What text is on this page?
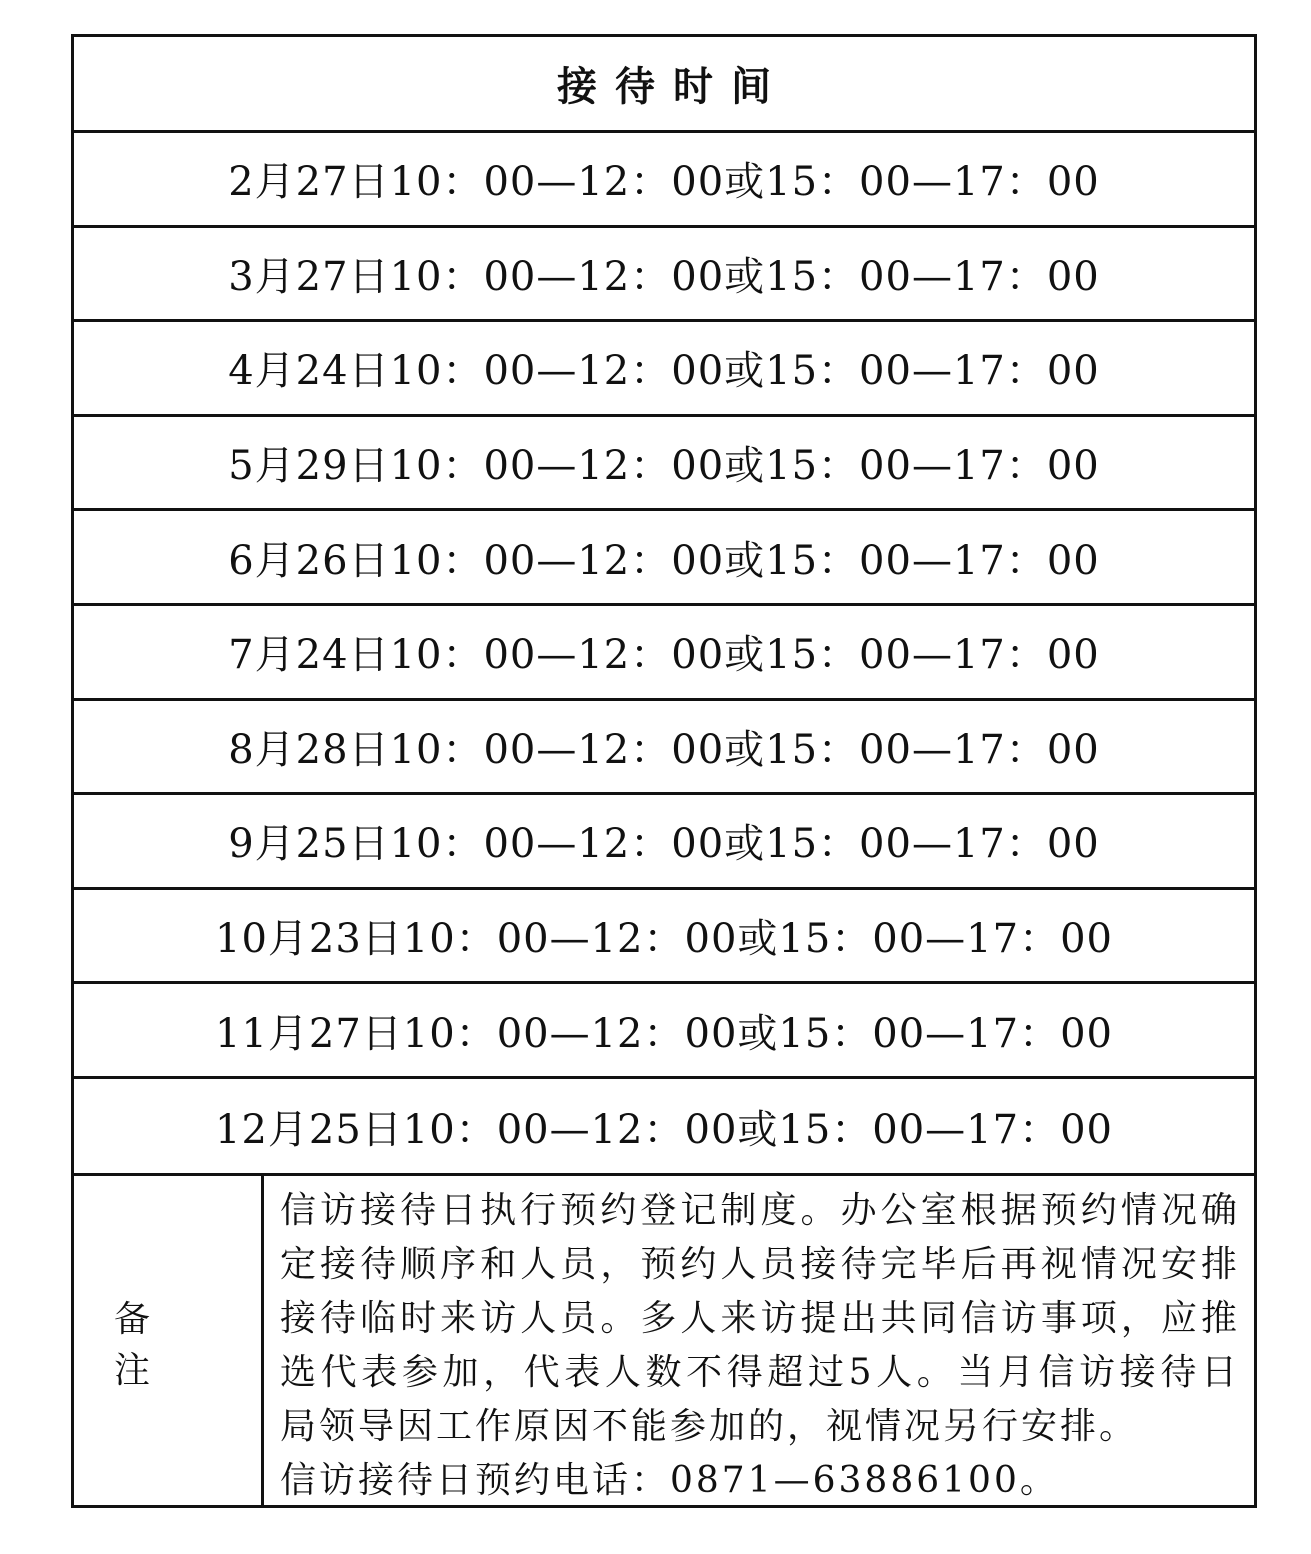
接待时间
2月27日10：00—12：00或15：00—17：00
3月27日10：00—12：00或15：00—17：00
4月24日10：00—12：00或15：00—17：00
5月29日10：00—12：00或15：00—17：00
6月26日10：00—12：00或15：00—17：00
7月24日10：00—12：00或15：00—17：00
8月28日10：00—12：00或15：00—17：00
9月25日10：00—12：00或15：00—17：00
10月23日10：00—12：00或15：00—17：00
11月27日10：00—12：00或15：00—17：00
12月25日10：00—12：00或15：00—17：00
备注

信访接待日执行预约登记制度。办公室根据预约情况确定接待顺序和人员，预约人员接待完毕后再视情况安排接待临时来访人员。多人来访提出共同信访事项，应推选代表参加，代表人数不得超过5人。当月信访接待日局领导因工作原因不能参加的，视情况另行安排。

信访接待日预约电话：0871—63886100。
